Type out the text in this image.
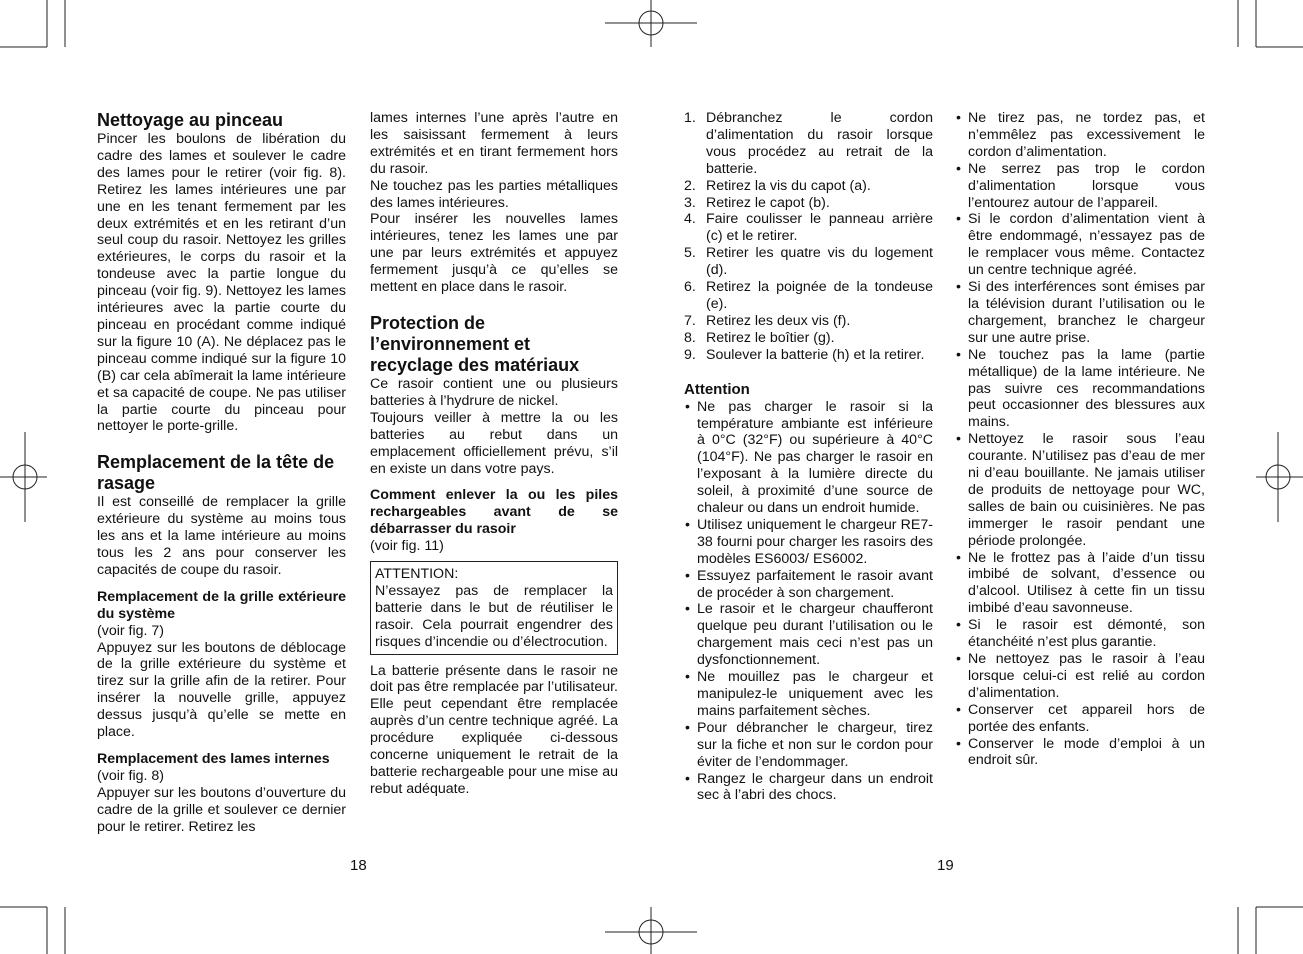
Nettoyage au pinceau

Pincer les boulons de libération du cadre des lames et soulever le cadre des lames pour le retirer (voir fig. 8). Retirez les lames intérieures une par une en les tenant fermement par les deux extrémités et en les retirant d’un seul coup du rasoir. Nettoyez les grilles extérieures, le corps du rasoir et la tondeuse avec la partie longue du pinceau (voir fig. 9). Nettoyez les lames intérieures avec la partie courte du pinceau en procédant comme indiqué sur la figure 10 (A). Ne déplacez pas le pinceau comme indiqué sur la figure 10 (B) car cela abîmerait la lame intérieure et sa capacité de coupe. Ne pas utiliser la partie courte du pinceau pour nettoyer le porte-grille.

Remplacement de la tête de rasage

Il est conseillé de remplacer la grille extérieure du système au moins tous les ans et la lame intérieure au moins tous les 2 ans pour conserver les capacités de coupe du rasoir.

Remplacement de la grille extérieure du système

(voir fig. 7)

Appuyez sur les boutons de déblocage de la grille extérieure du système et tirez sur la grille afin de la retirer. Pour insérer la nouvelle grille, appuyez dessus jusqu’à qu’elle se mette en place.

Remplacement des lames internes

(voir fig. 8)

Appuyer sur les boutons d’ouverture du cadre de la grille et soulever ce dernier pour le retirer. Retirez les

lames internes l’une après l’autre en les saisissant fermement à leurs extrémités et en tirant fermement hors du rasoir.

Ne touchez pas les parties métalliques des lames intérieures.

Pour insérer les nouvelles lames intérieures, tenez les lames une par une par leurs extrémités et appuyez fermement jusqu’à ce qu’elles se mettent en place dans le rasoir.

Protection de l’environnement et recyclage des matériaux

Ce rasoir contient une ou plusieurs batteries à l’hydrure de nickel.

Toujours veiller à mettre la ou les batteries au rebut dans un emplacement officiellement prévu, s’il en existe un dans votre pays.

Comment enlever la ou les piles rechargeables avant de se débarrasser du rasoir

(voir fig. 11)

ATTENTION:

N’essayez pas de remplacer la batterie dans le but de réutiliser le rasoir. Cela pourrait engendrer des risques d’incendie ou d’électrocution.

La batterie présente dans le rasoir ne doit pas être remplacée par l’utilisateur. Elle peut cependant être remplacée auprès d’un centre technique agréé. La procédure expliquée ci-dessous concerne uniquement le retrait de la batterie rechargeable pour une mise au rebut adéquate.

18
1. Débranchez le cordon d’alimentation du rasoir lorsque vous procédez au retrait de la batterie.
2. Retirez la vis du capot (a).
3. Retirez le capot (b).
4. Faire coulisser le panneau arrière (c) et le retirer.
5. Retirer les quatre vis du logement (d).
6. Retirez la poignée de la tondeuse (e).
7. Retirez les deux vis (f).
8. Retirez le boîtier (g).
9. Soulever la batterie (h) et la retirer.
Attention
• Ne pas charger le rasoir si la température ambiante est inférieure à 0°C (32°F) ou supérieure à 40°C (104°F). Ne pas charger le rasoir en l’exposant à la lumière directe du soleil, à proximité d’une source de chaleur ou dans un endroit humide.
• Utilisez uniquement le chargeur RE7-38 fourni pour charger les rasoirs des modèles ES6003/ ES6002.
• Essuyez parfaitement le rasoir avant de procéder à son chargement.
• Le rasoir et le chargeur chaufferont quelque peu durant l’utilisation ou le chargement mais ceci n’est pas un dysfonctionnement.
• Ne mouillez pas le chargeur et manipulez-le uniquement avec les mains parfaitement sèches.
• Pour débrancher le chargeur, tirez sur la fiche et non sur le cordon pour éviter de l’endommager.
• Rangez le chargeur dans un endroit sec à l’abri des chocs.
• Ne tirez pas, ne tordez pas, et n’emmêlez pas excessivement le cordon d’alimentation.
• Ne serrez pas trop le cordon d’alimentation lorsque vous l’entourez autour de l’appareil.
• Si le cordon d’alimentation vient à être endommagé, n’essayez pas de le remplacer vous même. Contactez un centre technique agréé.
• Si des interférences sont émises par la télévision durant l’utilisation ou le chargement, branchez le chargeur sur une autre prise.
• Ne touchez pas la lame (partie métallique) de la lame intérieure. Ne pas suivre ces recommandations peut occasionner des blessures aux mains.
• Nettoyez le rasoir sous l’eau courante. N’utilisez pas d’eau de mer ni d’eau bouillante. Ne jamais utiliser de produits de nettoyage pour WC, salles de bain ou cuisinières. Ne pas immerger le rasoir pendant une période prolongée.
• Ne le frottez pas à l’aide d’un tissu imbibé de solvant, d’essence ou d’alcool. Utilisez à cette fin un tissu imbibé d’eau savonneuse.
• Si le rasoir est démonté, son étanchéité n’est plus garantie.
• Ne nettoyez pas le rasoir à l’eau lorsque celui-ci est relié au cordon d’alimentation.
• Conserver cet appareil hors de portée des enfants.
• Conserver le mode d’emploi à un endroit sûr.
19
